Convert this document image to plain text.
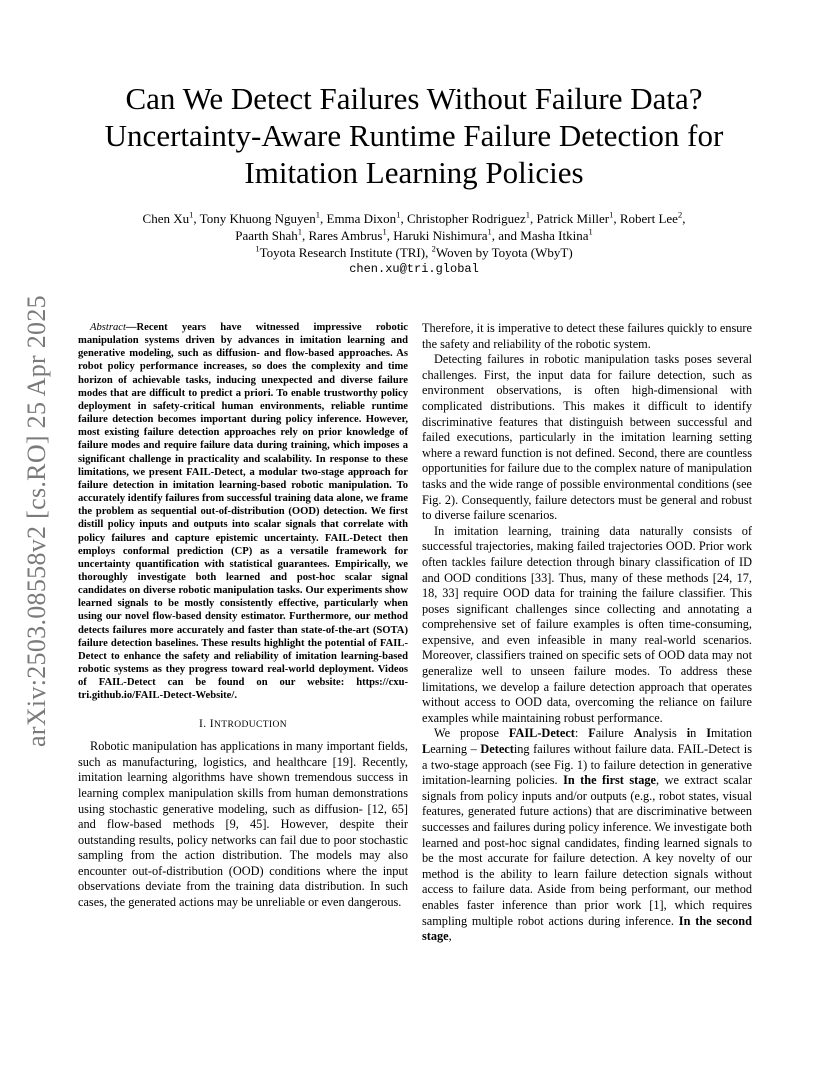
arXiv:2503.08558v2 [cs.RO] 25 Apr 2025
Can We Detect Failures Without Failure Data?
Uncertainty-Aware Runtime Failure Detection for
Imitation Learning Policies
Chen Xu$^1$, Tony Khuong Nguyen$^1$, Emma Dixon$^1$, Christopher Rodriguez$^1$, Patrick Miller$^1$, Robert Lee$^2$,
Paarth Shah$^1$, Rares Ambrus$^1$, Haruki Nishimura$^1$, and Masha Itkina$^1$
$^1$Toyota Research Institute (TRI), $^2$Woven by Toyota (WbyT)
chen.xu@tri.global

Abstract—Recent years have witnessed impressive robotic manipulation systems driven by advances in imitation learning and generative modeling, such as diffusion- and flow-based approaches. As robot policy performance increases, so does the complexity and time horizon of achievable tasks, inducing unexpected and diverse failure modes that are difficult to predict a priori. To enable trustworthy policy deployment in safety-critical human environments, reliable runtime failure detection becomes important during policy inference. However, most existing failure detection approaches rely on prior knowledge of failure modes and require failure data during training, which imposes a significant challenge in practicality and scalability. In response to these limitations, we present FAIL-Detect, a modular two-stage approach for failure detection in imitation learning-based robotic manipulation. To accurately identify failures from successful training data alone, we frame the problem as sequential out-of-distribution (OOD) detection. We first distill policy inputs and outputs into scalar signals that correlate with policy failures and capture epistemic uncertainty. FAIL-Detect then employs conformal prediction (CP) as a versatile framework for uncertainty quantification with statistical guarantees. Empirically, we thoroughly investigate both learned and post-hoc scalar signal candidates on diverse robotic manipulation tasks. Our experiments show learned signals to be mostly consistently effective, particularly when using our novel flow-based density estimator. Furthermore, our method detects failures more accurately and faster than state-of-the-art (SOTA) failure detection baselines. These results highlight the potential of FAIL-Detect to enhance the safety and reliability of imitation learning-based robotic systems as they progress toward real-world deployment. Videos of FAIL-Detect can be found on our website: https://cxu-tri.github.io/FAIL-Detect-Website/.

I. INTRODUCTION

Robotic manipulation has applications in many important fields, such as manufacturing, logistics, and healthcare [19]. Recently, imitation learning algorithms have shown tremendous success in learning complex manipulation skills from human demonstrations using stochastic generative modeling, such as diffusion- [12, 65] and flow-based methods [9, 45]. However, despite their outstanding results, policy networks can fail due to poor stochastic sampling from the action distribution. The models may also encounter out-of-distribution (OOD) conditions where the input observations deviate from the training data distribution. In such cases, the generated actions may be unreliable or even dangerous.

Therefore, it is imperative to detect these failures quickly to ensure the safety and reliability of the robotic system.

Detecting failures in robotic manipulation tasks poses several challenges. First, the input data for failure detection, such as environment observations, is often high-dimensional with complicated distributions. This makes it difficult to identify discriminative features that distinguish between successful and failed executions, particularly in the imitation learning setting where a reward function is not defined. Second, there are countless opportunities for failure due to the complex nature of manipulation tasks and the wide range of possible environmental conditions (see Fig. 2). Consequently, failure detectors must be general and robust to diverse failure scenarios.

In imitation learning, training data naturally consists of successful trajectories, making failed trajectories OOD. Prior work often tackles failure detection through binary classification of ID and OOD conditions [33]. Thus, many of these methods [24, 17, 18, 33] require OOD data for training the failure classifier. This poses significant challenges since collecting and annotating a comprehensive set of failure examples is often time-consuming, expensive, and even infeasible in many real-world scenarios. Moreover, classifiers trained on specific sets of OOD data may not generalize well to unseen failure modes. To address these limitations, we develop a failure detection approach that operates without access to OOD data, overcoming the reliance on failure examples while maintaining robust performance.

We propose FAIL-Detect: Failure Analysis in Imitation Learning – Detecting failures without failure data. FAIL-Detect is a two-stage approach (see Fig. 1) to failure detection in generative imitation-learning policies. In the first stage, we extract scalar signals from policy inputs and/or outputs (e.g., robot states, visual features, generated future actions) that are discriminative between successes and failures during policy inference. We investigate both learned and post-hoc signal candidates, finding learned signals to be the most accurate for failure detection. A key novelty of our method is the ability to learn failure detection signals without access to failure data. Aside from being performant, our method enables faster inference than prior work [1], which requires sampling multiple robot actions during inference. In the second stage,
